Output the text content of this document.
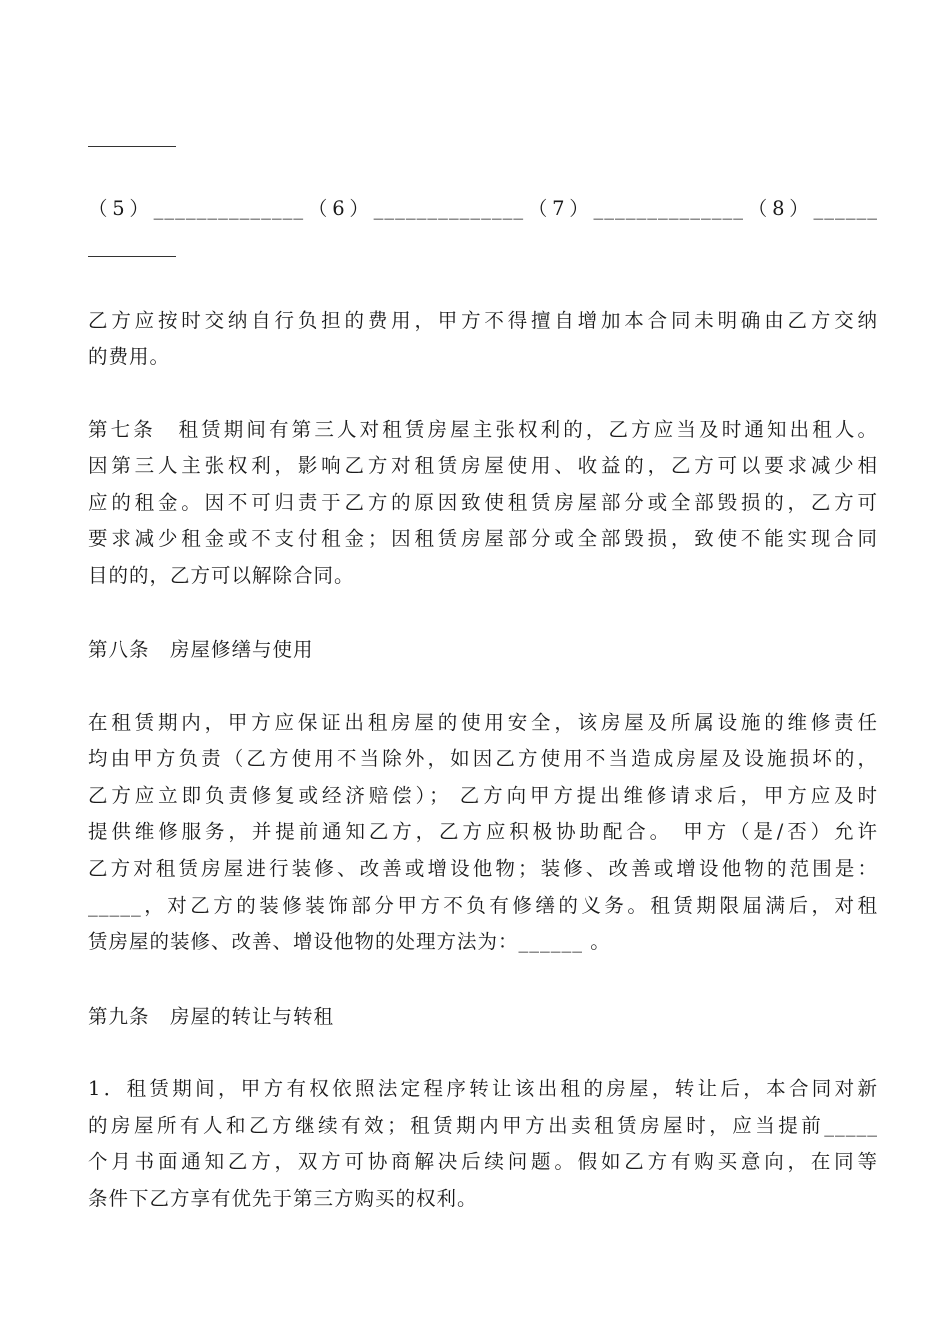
（5）______________（6）______________（7）______________（8）______
乙方应按时交纳自行负担的费用，甲方不得擅自增加本合同未明确由乙方交纳
的费用。
第七条　租赁期间有第三人对租赁房屋主张权利的，乙方应当及时通知出租人。
因第三人主张权利，影响乙方对租赁房屋使用、收益的，乙方可以要求减少相
应的租金。因不可归责于乙方的原因致使租赁房屋部分或全部毁损的，乙方可
要求减少租金或不支付租金；因租赁房屋部分或全部毁损，致使不能实现合同
目的的，乙方可以解除合同。
第八条　房屋修缮与使用
在租赁期内，甲方应保证出租房屋的使用安全，该房屋及所属设施的维修责任
均由甲方负责（乙方使用不当除外，如因乙方使用不当造成房屋及设施损坏的，
乙方应立即负责修复或经济赔偿）； 乙方向甲方提出维修请求后，甲方应及时
提供维修服务，并提前通知乙方，乙方应积极协助配合。 甲方（是/否）允许
乙方对租赁房屋进行装修、改善或增设他物；装修、改善或增设他物的范围是：
_____，对乙方的装修装饰部分甲方不负有修缮的义务。租赁期限届满后，对租
赁房屋的装修、改善、增设他物的处理方法为：______ 。
第九条　房屋的转让与转租
1．租赁期间，甲方有权依照法定程序转让该出租的房屋，转让后，本合同对新
的房屋所有人和乙方继续有效；租赁期内甲方出卖租赁房屋时，应当提前_____
个月书面通知乙方，双方可协商解决后续问题。假如乙方有购买意向，在同等
条件下乙方享有优先于第三方购买的权利。
